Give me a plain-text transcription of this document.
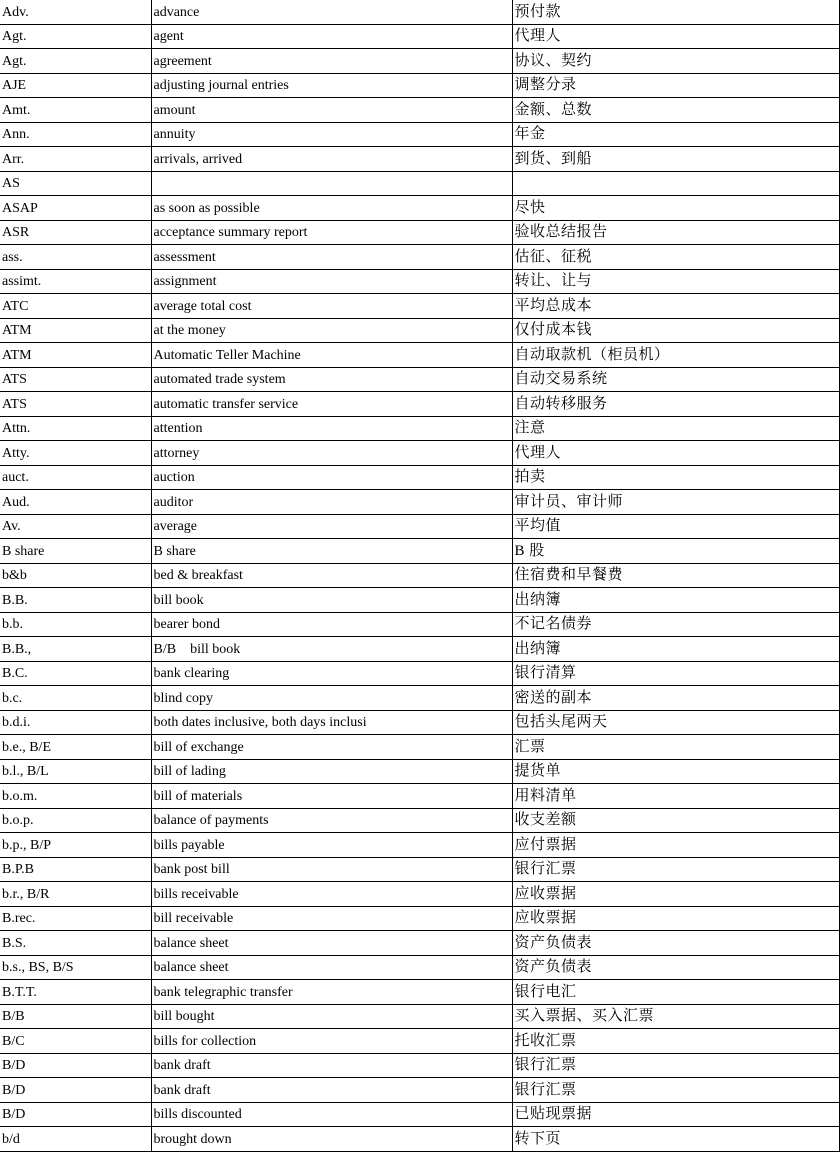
Adv.	advance	预付款
Agt.	agent	代理人
Agt.	agreement	协议、契约
AJE	adjusting journal entries	调整分录
Amt.	amount	金额、总数
Ann.	annuity	年金
Arr.	arrivals, arrived	到货、到船
AS		
ASAP	as soon as possible	尽快
ASR	acceptance summary report	验收总结报告
ass.	assessment	估征、征税
assimt.	assignment	转让、让与
ATC	average total cost	平均总成本
ATM	at the money	仅付成本钱
ATM	Automatic Teller Machine	自动取款机（柜员机）
ATS	automated trade system	自动交易系统
ATS	automatic transfer service	自动转移服务
Attn.	attention	注意
Atty.	attorney	代理人
auct.	auction	拍卖
Aud.	auditor	审计员、审计师
Av.	average	平均值
B share	B share	B 股
b&b	bed & breakfast	住宿费和早餐费
B.B.	bill book	出纳簿
b.b.	bearer bond	不记名债券
B.B.,	B/B    bill book	出纳簿
B.C.	bank clearing	银行清算
b.c.	blind copy	密送的副本
b.d.i.	both dates inclusive, both days inclusi	包括头尾两天
b.e., B/E	bill of exchange	汇票
b.l., B/L	bill of lading	提货单
b.o.m.	bill of materials	用料清单
b.o.p.	balance of payments	收支差额
b.p., B/P	bills payable	应付票据
B.P.B	bank post bill	银行汇票
b.r., B/R	bills receivable	应收票据
B.rec.	bill receivable	应收票据
B.S.	balance sheet	资产负债表
b.s., BS, B/S	balance sheet	资产负债表
B.T.T.	bank telegraphic transfer	银行电汇
B/B	bill bought	买入票据、买入汇票
B/C	bills for collection	托收汇票
B/D	bank draft	银行汇票
B/D	bank draft	银行汇票
B/D	bills discounted	已贴现票据
b/d	brought down	转下页
